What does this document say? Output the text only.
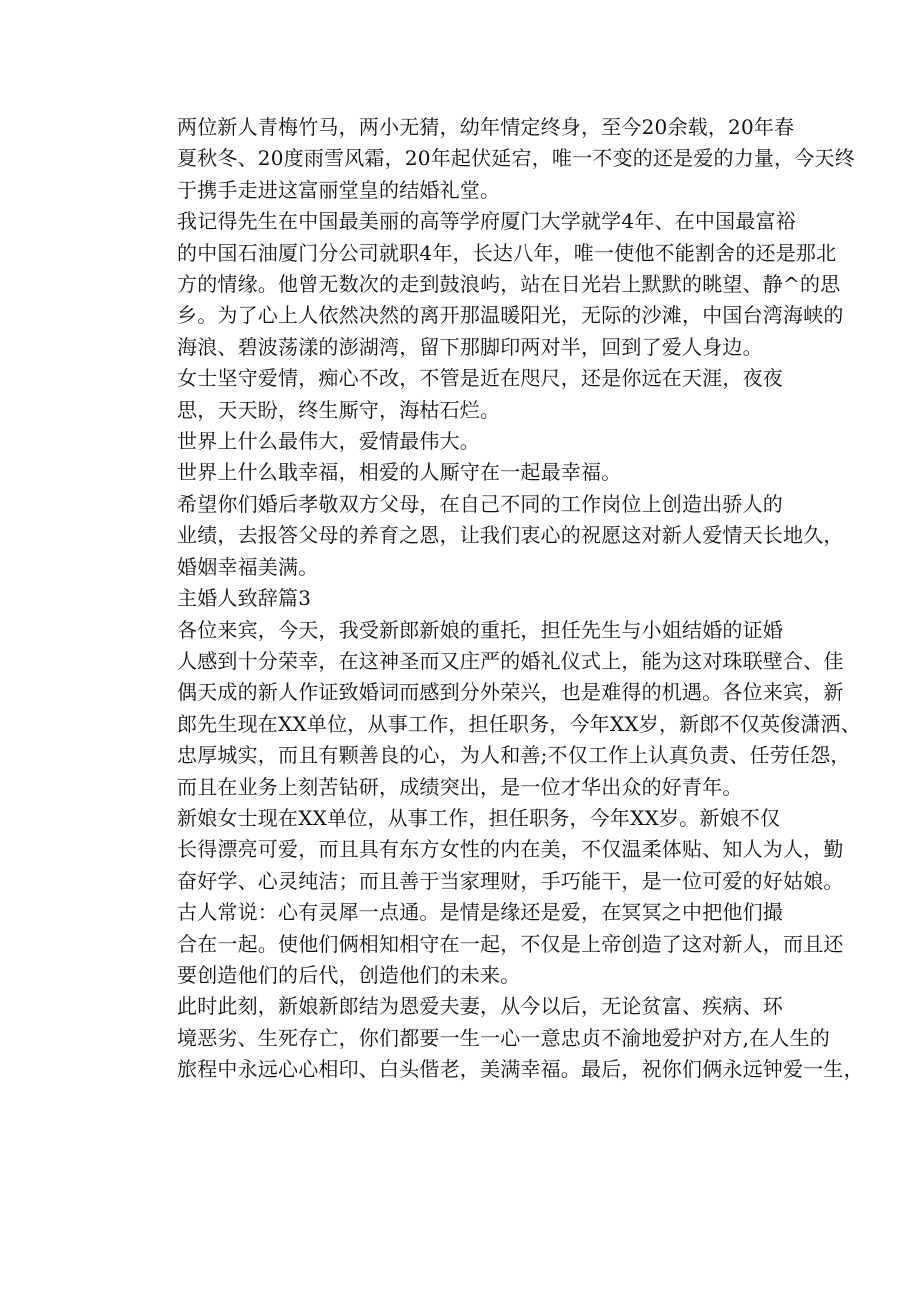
两位新人青梅竹马，两小无猜，幼年情定终身，至今20余载，20年春
夏秋冬、20度雨雪风霜，20年起伏延宕，唯一不变的还是爱的力量，今天终
于携手走进这富丽堂皇的结婚礼堂。

我记得先生在中国最美丽的高等学府厦门大学就学4年、在中国最富裕
的中国石油厦门分公司就职4年，长达八年，唯一使他不能割舍的还是那北
方的情缘。他曾无数次的走到鼓浪屿，站在日光岩上默默的眺望、静^的思
乡。为了心上人依然决然的离开那温暖阳光，无际的沙滩，中国台湾海峡的
海浪、碧波荡漾的澎湖湾，留下那脚印两对半，回到了爱人身边。

女士坚守爱情，痴心不改，不管是近在咫尺，还是你远在天涯，夜夜
思，天天盼，终生厮守，海枯石烂。

世界上什么最伟大，爱情最伟大。

世界上什么戢幸福，相爱的人厮守在一起最幸福。

希望你们婚后孝敬双方父母，在自己不同的工作岗位上创造出骄人的
业绩，去报答父母的养育之恩，让我们衷心的祝愿这对新人爱情天长地久，
婚姻幸福美满。

主婚人致辞篇3

各位来宾，今天，我受新郎新娘的重托，担任先生与小姐结婚的证婚
人感到十分荣幸，在这神圣而又庄严的婚礼仪式上，能为这对珠联壁合、佳
偶天成的新人作证致婚词而感到分外荣兴，也是难得的机遇。各位来宾，新
郎先生现在XX单位，从事工作，担任职务，今年XX岁，新郎不仅英俊潇洒、
忠厚城实，而且有颗善良的心，为人和善;不仅工作上认真负责、任劳任怨，
而且在业务上刻苦钻研，成绩突出，是一位才华出众的好青年。

新娘女士现在XX单位，从事工作，担任职务，今年XX岁。新娘不仅
长得漂亮可爱，而且具有东方女性的内在美，不仅温柔体贴、知人为人，勤
奋好学、心灵纯洁；而且善于当家理财，手巧能干，是一位可爱的好姑娘。

古人常说：心有灵犀一点通。是情是缘还是爱，在冥冥之中把他们撮
合在一起。使他们俩相知相守在一起，不仅是上帝创造了这对新人，而且还
要创造他们的后代，创造他们的未来。

此时此刻，新娘新郎结为恩爱夫妻，从今以后，无论贫富、疾病、环
境恶劣、生死存亡，你们都要一生一心一意忠贞不渝地爱护对方,在人生的
旅程中永远心心相印、白头偕老，美满幸福。最后，祝你们俩永远钟爱一生，
